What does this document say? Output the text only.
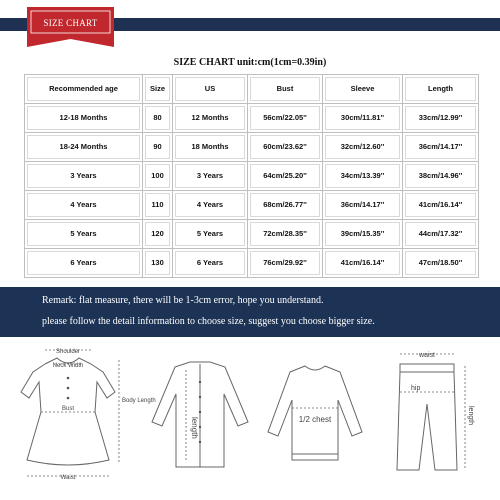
SIZE CHART
SIZE CHART unit:cm(1cm=0.39in)
Recommended age	Size	US	Bust	Sleeve	Length

12-18 Months	80	12 Months	56cm/22.05''	30cm/11.81''	33cm/12.99''

18-24 Months	90	18 Months	60cm/23.62''	32cm/12.60''	36cm/14.17''

3 Years	100	3 Years	64cm/25.20''	34cm/13.39''	38cm/14.96''

4 Years	110	4 Years	68cm/26.77''	36cm/14.17''	41cm/16.14''

5 Years	120	5 Years	72cm/28.35''	39cm/15.35''	44cm/17.32''

6 Years	130	6 Years	76cm/29.92''	41cm/16.14''	47cm/18.50''
Remark: flat measure, there will be 1-3cm error, hope you understand.
please follow the detail information to choose size, suggest you choose bigger size.
Shoulder
Neck Width
Bust
Waist
Body Length
length	1/2 chest
waist
hip
length
